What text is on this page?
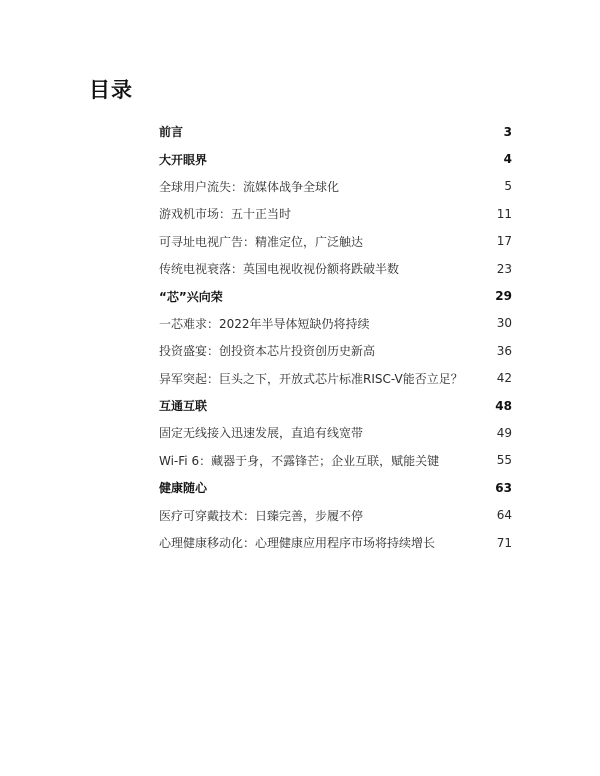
目录
前言	3
大开眼界	4
全球用户流失：流媒体战争全球化	5
游戏机市场：五十正当时	11
可寻址电视广告：精准定位，广泛触达	17
传统电视衰落：英国电视收视份额将跌破半数	23
“芯”兴向荣	29
一芯难求：2022年半导体短缺仍将持续	30
投资盛宴：创投资本芯片投资创历史新高	36
异军突起：巨头之下，开放式芯片标准RISC-V能否立足？	42
互通互联	48
固定无线接入迅速发展，直追有线宽带	49
Wi-Fi 6：藏器于身，不露锋芒；企业互联，赋能关键	55
健康随心	63
医疗可穿戴技术：日臻完善，步履不停	64
心理健康移动化：心理健康应用程序市场将持续增长	71
